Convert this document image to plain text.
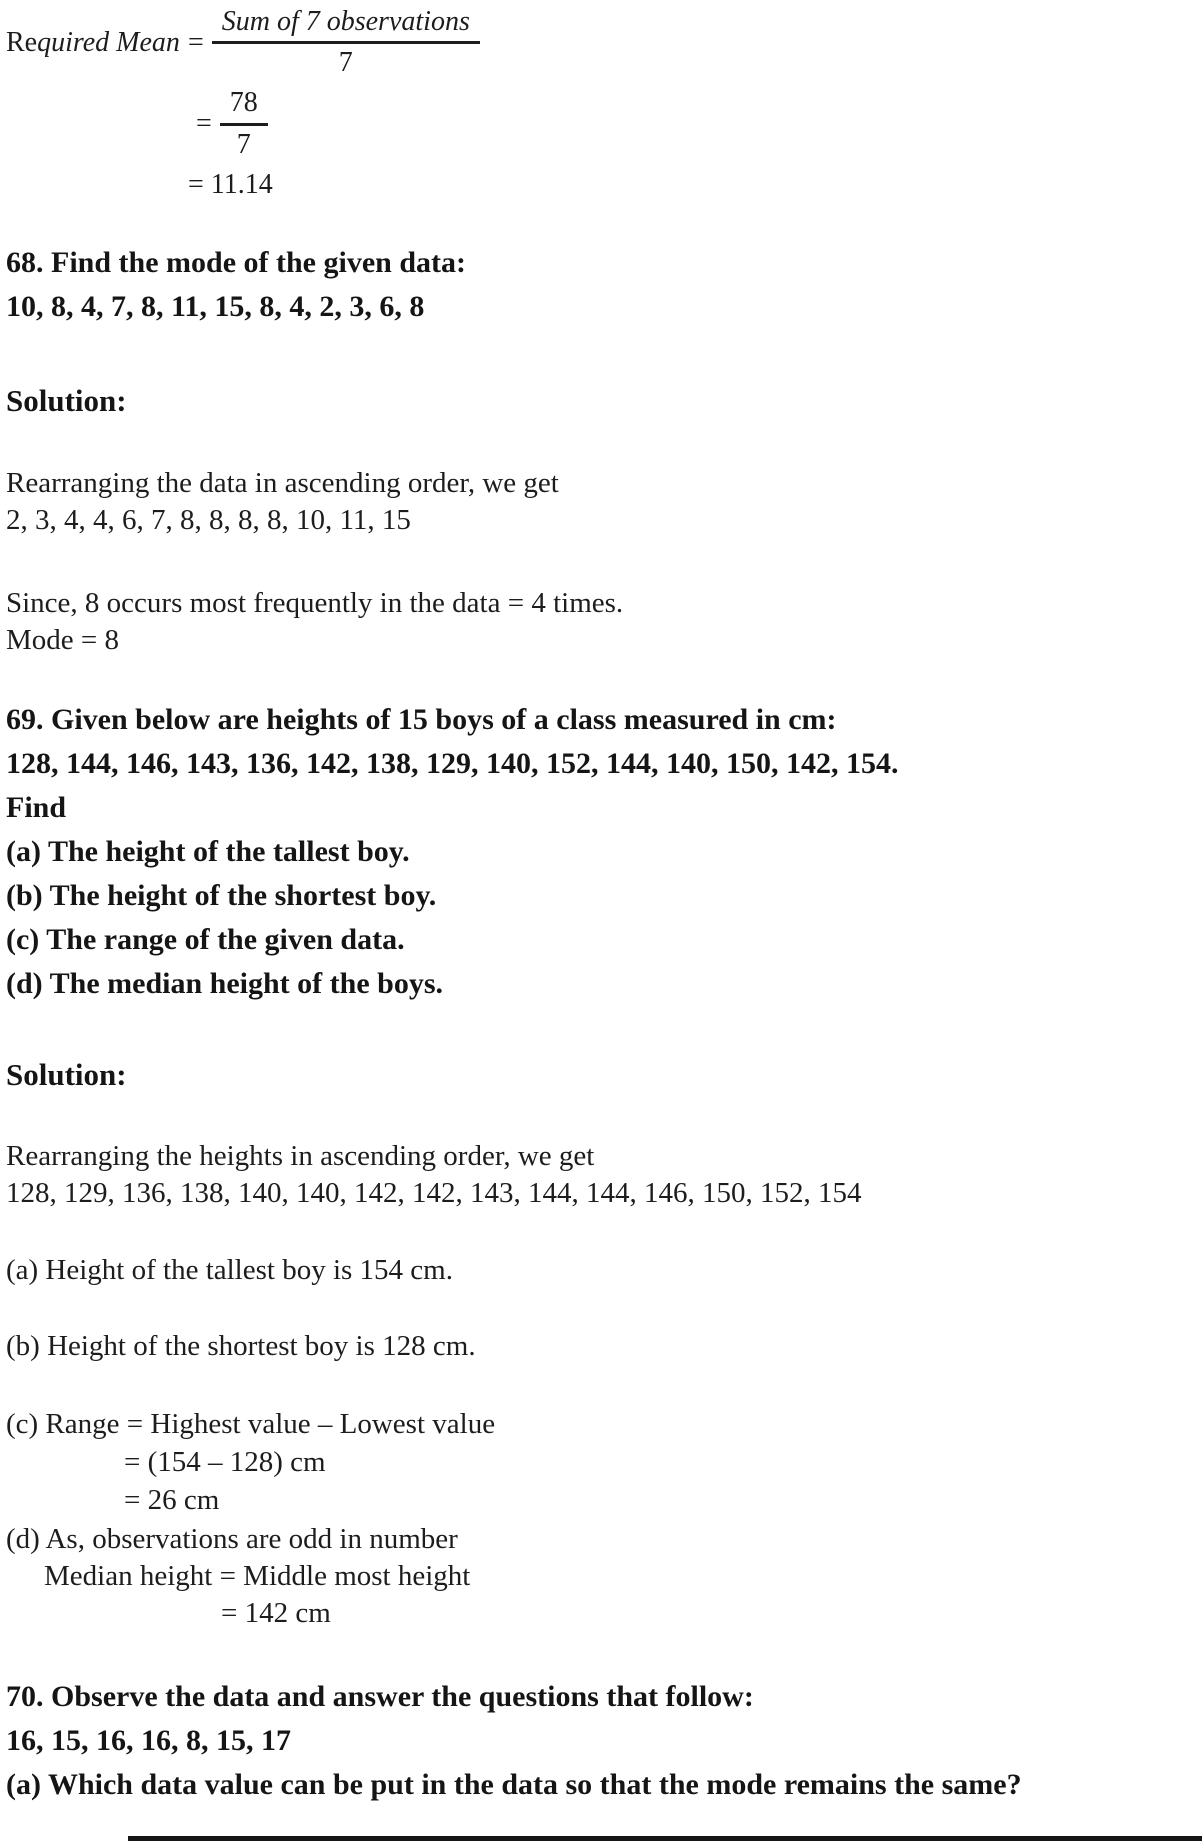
Re quired Mean = $\frac{\text{Sum of 7 observations}}{7}$
= $\frac{78}{7}$
= 11.14
68. Find the mode of the given data:
10, 8, 4, 7, 8, 11, 15, 8, 4, 2, 3, 6, 8
Solution:
Rearranging the data in ascending order, we get
2, 3, 4, 4, 6, 7, 8, 8, 8, 8, 10, 11, 15
Since, 8 occurs most frequently in the data = 4 times.
Mode = 8
69. Given below are heights of 15 boys of a class measured in cm:
128, 144, 146, 143, 136, 142, 138, 129, 140, 152, 144, 140, 150, 142, 154.
Find
(a) The height of the tallest boy.
(b) The height of the shortest boy.
(c) The range of the given data.
(d) The median height of the boys.
Solution:
Rearranging the heights in ascending order, we get
128, 129, 136, 138, 140, 140, 142, 142, 143, 144, 144, 146, 150, 152, 154
(a) Height of the tallest boy is 154 cm.
(b) Height of the shortest boy is 128 cm.
(c) Range = Highest value – Lowest value
= (154 – 128) cm
= 26 cm
(d) As, observations are odd in number
Median height = Middle most height
= 142 cm
70. Observe the data and answer the questions that follow:
16, 15, 16, 16, 8, 15, 17
(a) Which data value can be put in the data so that the mode remains the same?
